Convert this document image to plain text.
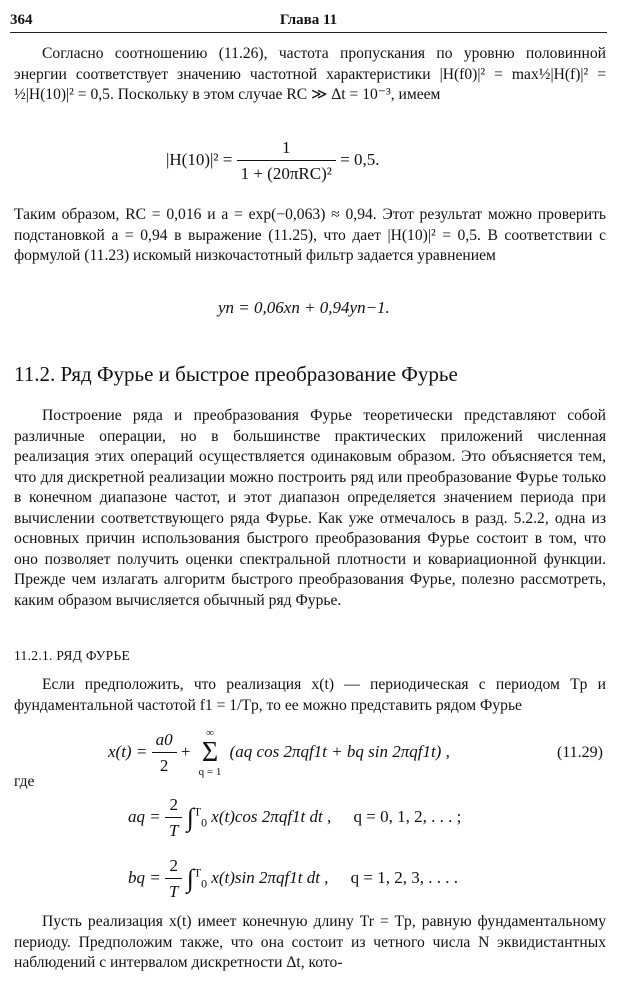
364	Глава 11

Согласно соотношению (11.26), частота пропускания по уровню половинной энергии соответствует значению частотной характеристики |H(f0)|² = max½|H(f)|² = ½|H(10)|² = 0,5. Поскольку в этом случае RC ≫ Δt = 10⁻³, имеем

$|H(10)|^2 = \frac{1}{\text{1 + (20πRC)²}} = 0,5$.

Таким образом, RC = 0,016 и a = exp(−0,063) ≈ 0,94. Этот результат можно проверить подстановкой a = 0,94 в выражение (11.25), что дает |H(10)|² = 0,5. В соответствии с формулой (11.23) искомый низкочастотный фильтр задается уравнением

yn = 0,06xn + 0,94yn−1.
11.2. Ряд Фурье и быстрое преобразование Фурье

Построение ряда и преобразования Фурье теоретически представляют собой различные операции, но в большинстве практических приложений численная реализация этих операций осуществляется одинаковым образом. Это объясняется тем, что для дискретной реализации можно построить ряд или преобразование Фурье только в конечном диапазоне частот, и этот диапазон определяется значением периода при вычислении соответствующего ряда Фурье. Как уже отмечалось в разд. 5.2.2, одна из основных причин использования быстрого преобразования Фурье состоит в том, что оно позволяет получить оценки спектральной плотности и ковариационной функции. Прежде чем излагать алгоритм быстрого преобразования Фурье, полезно рассмотреть, каким образом вычисляется обычный ряд Фурье.

11.2.1. РЯД ФУРЬЕ

Если предположить, что реализация x(t) — периодическая с периодом Tp и фундаментальной частотой f1 = 1/Tp, то ее можно представить рядом Фурье

$x(t) = \frac{a0}{2}$ +
∞
Σ
q = 1
(aq cos 2πqf1t + bq sin 2πqf1t) ,	(11.29)
где
aq = $\frac{2}{T} \int^T_0$ x(t)cos 2πqf1t dt , q = 0, 1, 2, . . . ;
bq = $\frac{2}{T} \int^T_0$ x(t)sin 2πqf1t dt , q = 1, 2, 3, . . . .

Пусть реализация x(t) имеет конечную длину Tr = Tp, равную фундаментальному периоду. Предположим также, что она состоит из четного числа N эквидистантных наблюдений с интервалом дискретности Δt, кото-
